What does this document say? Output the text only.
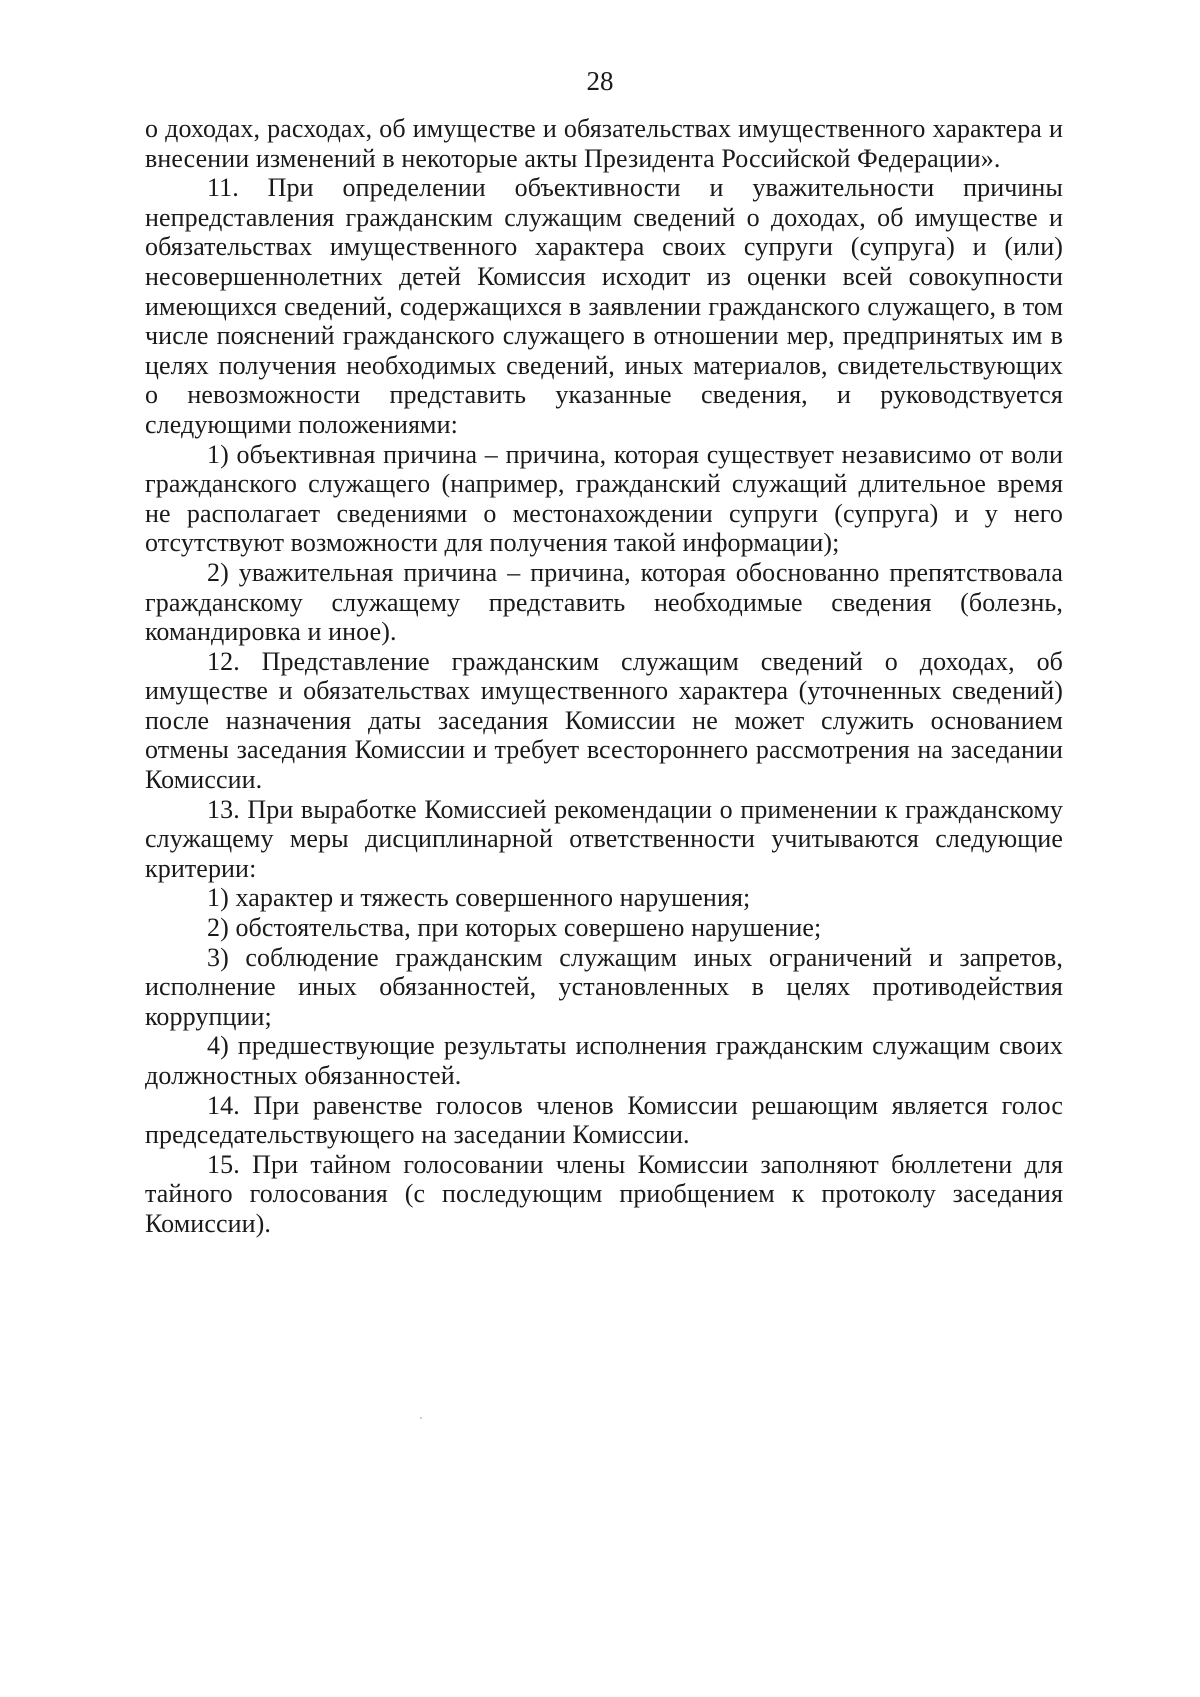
28

о доходах, расходах, об имуществе и обязательствах имущественного характера и внесении изменений в некоторые акты Президента Российской Федерации».

11. При определении объективности и уважительности причины непредставления гражданским служащим сведений о доходах, об имуществе и обязательствах имущественного характера своих супруги (супруга) и (или) несовершеннолетних детей Комиссия исходит из оценки всей совокупности имеющихся сведений, содержащихся в заявлении гражданского служащего, в том числе пояснений гражданского служащего в отношении мер, предпринятых им в целях получения необходимых сведений, иных материалов, свидетельствующих о невозможности представить указанные сведения, и руководствуется следующими положениями:

1) объективная причина – причина, которая существует независимо от воли гражданского служащего (например, гражданский служащий длительное время не располагает сведениями о местонахождении супруги (супруга) и у него отсутствуют возможности для получения такой информации);

2) уважительная причина – причина, которая обоснованно препятствовала гражданскому служащему представить необходимые сведения (болезнь, командировка и иное).

12. Представление гражданским служащим сведений о доходах, об имуществе и обязательствах имущественного характера (уточненных сведений) после назначения даты заседания Комиссии не может служить основанием отмены заседания Комиссии и требует всестороннего рассмотрения на заседании Комиссии.

13. При выработке Комиссией рекомендации о применении к гражданскому служащему меры дисциплинарной ответственности учитываются следующие критерии:

1) характер и тяжесть совершенного нарушения;

2) обстоятельства, при которых совершено нарушение;

3) соблюдение гражданским служащим иных ограничений и запретов, исполнение иных обязанностей, установленных в целях противодействия коррупции;

4) предшествующие результаты исполнения гражданским служащим своих должностных обязанностей.

14. При равенстве голосов членов Комиссии решающим является голос председательствующего на заседании Комиссии.

15. При тайном голосовании члены Комиссии заполняют бюллетени для тайного голосования (с последующим приобщением к протоколу заседания Комиссии).
